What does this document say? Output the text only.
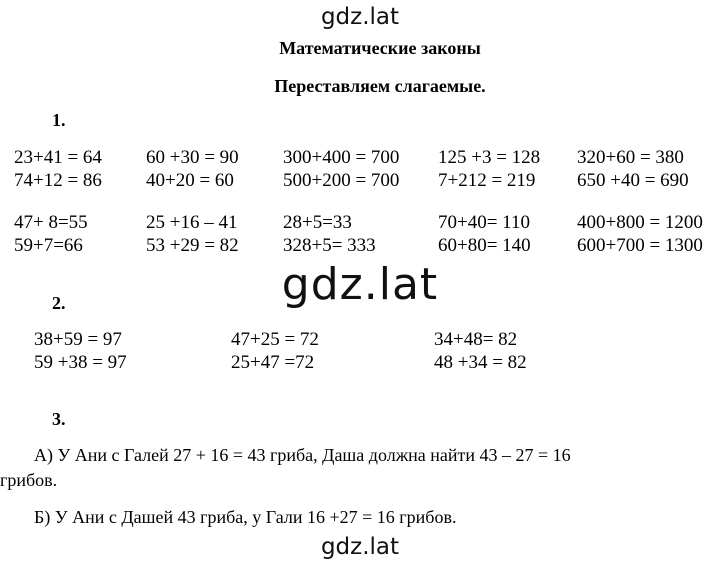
gdz.lat
Математические законы
Переставляем слагаемые.
1.
23+41 = 64
74+12 = 86
60 +30 = 90
40+20 = 60
300+400 = 700
500+200 = 700
125 +3 = 128
7+212 = 219
320+60 = 380
650 +40 = 690
47+ 8=55
59+7=66
25 +16 – 41
53 +29 = 82
28+5=33
328+5= 333
70+40= 110
60+80= 140
400+800 = 1200
600+700 = 1300
gdz.lat
2.
38+59 = 97
59 +38 = 97
47+25 = 72
25+47 =72
34+48= 82
48 +34 = 82
3.
А) У Ани с Галей 27 + 16 = 43 гриба, Даша должна найти 43 – 27 = 16
грибов.
Б) У Ани с Дашей 43 гриба, у Гали 16 +27 = 16 грибов.
gdz.lat
